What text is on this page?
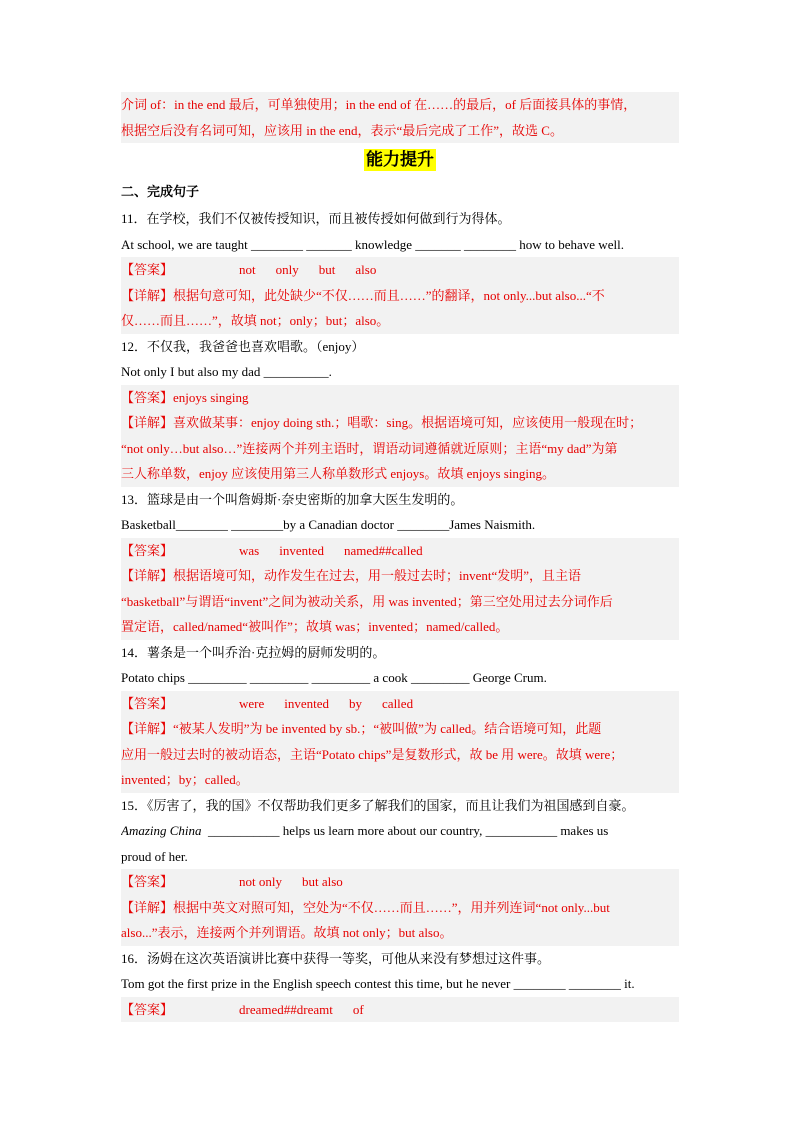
介词 of：in the end 最后，可单独使用；in the end of 在……的最后，of 后面接具体的事情，
根据空后没有名词可知，应该用 in the end，表示“最后完成了工作”，故选 C。
能力提升
二、完成句子
11．在学校，我们不仅被传授知识，而且被传授如何做到行为得体。
At school, we are taught ________ _______ knowledge _______ ________ how to behave well.
【答案】	not only but also
【详解】根据句意可知，此处缺少“不仅……而且……”的翻译，not only...but also...“不
仅……而且……”，故填 not；only；but；also。
12．不仅我，我爸爸也喜欢唱歌。（enjoy）
Not only I but also my dad __________.
【答案】enjoys singing
【详解】喜欢做某事：enjoy doing sth.；唱歌：sing。根据语境可知，应该使用一般现在时；
“not only…but also…”连接两个并列主语时，谓语动词遵循就近原则；主语“my dad”为第
三人称单数，enjoy 应该使用第三人称单数形式 enjoys。故填 enjoys singing。
13．篮球是由一个叫詹姆斯·奈史密斯的加拿大医生发明的。
Basketball________ ________by a Canadian doctor ________James Naismith.
【答案】	was invented named##called
【详解】根据语境可知，动作发生在过去，用一般过去时；invent“发明”，且主语
“basketball”与谓语“invent”之间为被动关系，用 was invented；第三空处用过去分词作后
置定语，called/named“被叫作”；故填 was；invented；named/called。
14．薯条是一个叫乔治·克拉姆的厨师发明的。
Potato chips _________ _________ _________ a cook _________ George Crum.
【答案】	were invented by called
【详解】“被某人发明”为 be invented by sb.；“被叫做”为 called。结合语境可知，此题
应用一般过去时的被动语态，主语“Potato chips”是复数形式，故 be 用 were。故填 were；
invented；by；called。
15．《厉害了，我的国》不仅帮助我们更多了解我们的国家，而且让我们为祖国感到自豪。
Amazing China  ___________ helps us learn more about our country, ___________ makes us
proud of her.
【答案】	not only but also
【详解】根据中英文对照可知，空处为“不仅……而且……”，用并列连词“not only...but
also...”表示，连接两个并列谓语。故填 not only；but also。
16．汤姆在这次英语演讲比赛中获得一等奖，可他从来没有梦想过这件事。
Tom got the first prize in the English speech contest this time, but he never ________ ________ it.
【答案】	dreamed##dreamt of
